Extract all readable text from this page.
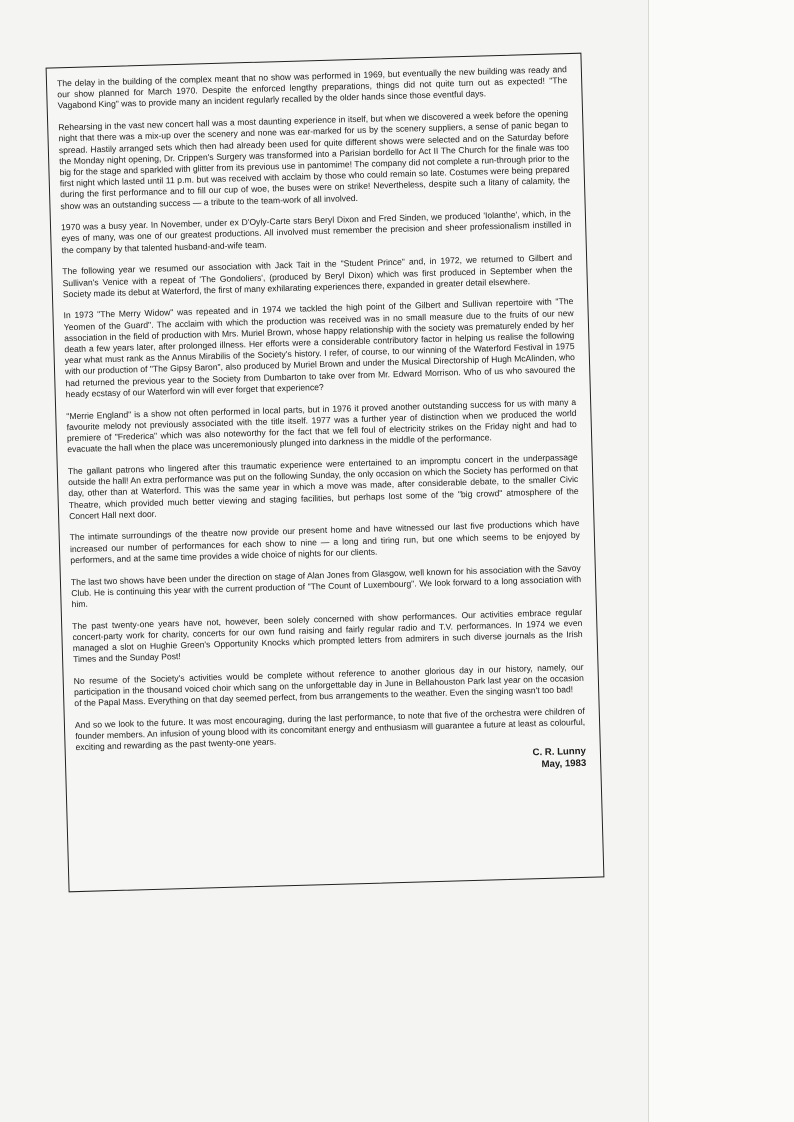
The delay in the building of the complex meant that no show was performed in 1969, but eventually the new building was ready and our show planned for March 1970. Despite the enforced lengthy preparations, things did not quite turn out as expected! "The Vagabond King" was to provide many an incident regularly recalled by the older hands since those eventful days.

Rehearsing in the vast new concert hall was a most daunting experience in itself, but when we discovered a week before the opening night that there was a mix-up over the scenery and none was ear-marked for us by the scenery suppliers, a sense of panic began to spread. Hastily arranged sets which then had already been used for quite different shows were selected and on the Saturday before the Monday night opening, Dr. Crippen's Surgery was transformed into a Parisian bordello for Act II The Church for the finale was too big for the stage and sparkled with glitter from its previous use in pantomime! The company did not complete a run-through prior to the first night which lasted until 11 p.m. but was received with acclaim by those who could remain so late. Costumes were being prepared during the first performance and to fill our cup of woe, the buses were on strike! Nevertheless, despite such a litany of calamity, the show was an outstanding success — a tribute to the team-work of all involved.

1970 was a busy year. In November, under ex D'Oyly-Carte stars Beryl Dixon and Fred Sinden, we produced 'Iolanthe', which, in the eyes of many, was one of our greatest productions. All involved must remember the precision and sheer professionalism instilled in the company by that talented husband-and-wife team.

The following year we resumed our association with Jack Tait in the "Student Prince" and, in 1972, we returned to Gilbert and Sullivan's Venice with a repeat of 'The Gondoliers', (produced by Beryl Dixon) which was first produced in September when the Society made its debut at Waterford, the first of many exhilarating experiences there, expanded in greater detail elsewhere.

In 1973 "The Merry Widow" was repeated and in 1974 we tackled the high point of the Gilbert and Sullivan repertoire with "The Yeomen of the Guard". The acclaim with which the production was received was in no small measure due to the fruits of our new association in the field of production with Mrs. Muriel Brown, whose happy relationship with the society was prematurely ended by her death a few years later, after prolonged illness. Her efforts were a considerable contributory factor in helping us realise the following year what must rank as the Annus Mirabilis of the Society's history. I refer, of course, to our winning of the Waterford Festival in 1975 with our production of "The Gipsy Baron", also produced by Muriel Brown and under the Musical Directorship of Hugh McAlinden, who had returned the previous year to the Society from Dumbarton to take over from Mr. Edward Morrison. Who of us who savoured the heady ecstasy of our Waterford win will ever forget that experience?

"Merrie England" is a show not often performed in local parts, but in 1976 it proved another outstanding success for us with many a favourite melody not previously associated with the title itself. 1977 was a further year of distinction when we produced the world premiere of "Frederica" which was also noteworthy for the fact that we fell foul of electricity strikes on the Friday night and had to evacuate the hall when the place was unceremoniously plunged into darkness in the middle of the performance.

The gallant patrons who lingered after this traumatic experience were entertained to an impromptu concert in the underpassage outside the hall! An extra performance was put on the following Sunday, the only occasion on which the Society has performed on that day, other than at Waterford. This was the same year in which a move was made, after considerable debate, to the smaller Civic Theatre, which provided much better viewing and staging facilities, but perhaps lost some of the "big crowd" atmosphere of the Concert Hall next door.

The intimate surroundings of the theatre now provide our present home and have witnessed our last five productions which have increased our number of performances for each show to nine — a long and tiring run, but one which seems to be enjoyed by performers, and at the same time provides a wide choice of nights for our clients.

The last two shows have been under the direction on stage of Alan Jones from Glasgow, well known for his association with the Savoy Club. He is continuing this year with the current production of "The Count of Luxembourg". We look forward to a long association with him.

The past twenty-one years have not, however, been solely concerned with show performances. Our activities embrace regular concert-party work for charity, concerts for our own fund raising and fairly regular radio and T.V. performances. In 1974 we even managed a slot on Hughie Green's Opportunity Knocks which prompted letters from admirers in such diverse journals as the Irish Times and the Sunday Post!

No resume of the Society's activities would be complete without reference to another glorious day in our history, namely, our participation in the thousand voiced choir which sang on the unforgettable day in June in Bellahouston Park last year on the occasion of the Papal Mass. Everything on that day seemed perfect, from bus arrangements to the weather. Even the singing wasn't too bad!

And so we look to the future. It was most encouraging, during the last performance, to note that five of the orchestra were children of founder members. An infusion of young blood with its concomitant energy and enthusiasm will guarantee a future at least as colourful, exciting and rewarding as the past twenty-one years.	C. R. Lunny
May, 1983
